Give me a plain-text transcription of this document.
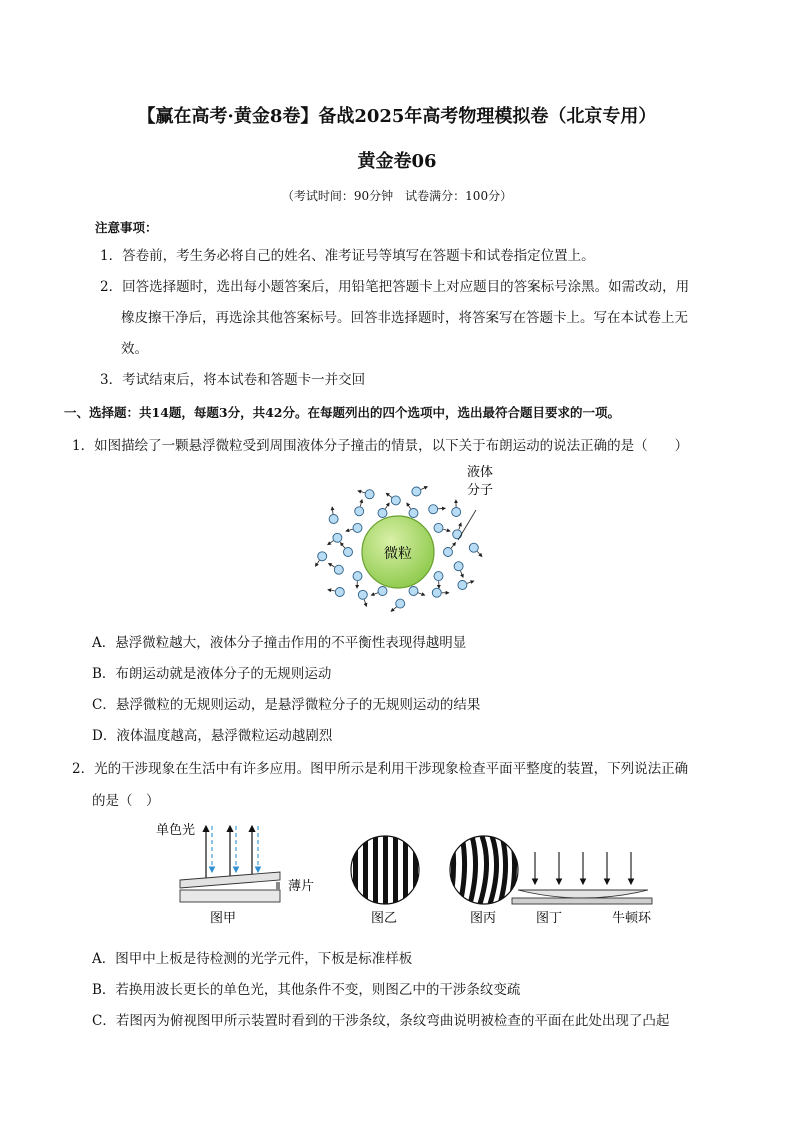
【赢在高考·黄金8卷】备战2025年高考物理模拟卷（北京专用）
黄金卷06
（考试时间：90分钟　试卷满分：100分）
注意事项：
1．答卷前，考生务必将自己的姓名、准考证号等填写在答题卡和试卷指定位置上。
2．回答选择题时，选出每小题答案后，用铅笔把答题卡上对应题目的答案标号涂黑。如需改动，用
橡皮擦干净后，再选涂其他答案标号。回答非选择题时，将答案写在答题卡上。写在本试卷上无
效。
3．考试结束后，将本试卷和答题卡一并交回
一、选择题：共14题，每题3分，共42分。在每题列出的四个选项中，选出最符合题目要求的一项。
1．如图描绘了一颗悬浮微粒受到周围液体分子撞击的情景，以下关于布朗运动的说法正确的是（　　）
微粒
液体
分子
A．悬浮微粒越大，液体分子撞击作用的不平衡性表现得越明显
B．布朗运动就是液体分子的无规则运动
C．悬浮微粒的无规则运动，是悬浮微粒分子的无规则运动的结果
D．液体温度越高，悬浮微粒运动越剧烈
2．光的干涉现象在生活中有许多应用。图甲所示是利用干涉现象检查平面平整度的装置，下列说法正确
的是（　）
单色光
薄片
图甲	图乙	图丙	图丁	牛顿环
A．图甲中上板是待检测的光学元件，下板是标准样板
B．若换用波长更长的单色光，其他条件不变，则图乙中的干涉条纹变疏
C．若图丙为俯视图甲所示装置时看到的干涉条纹，条纹弯曲说明被检查的平面在此处出现了凸起
